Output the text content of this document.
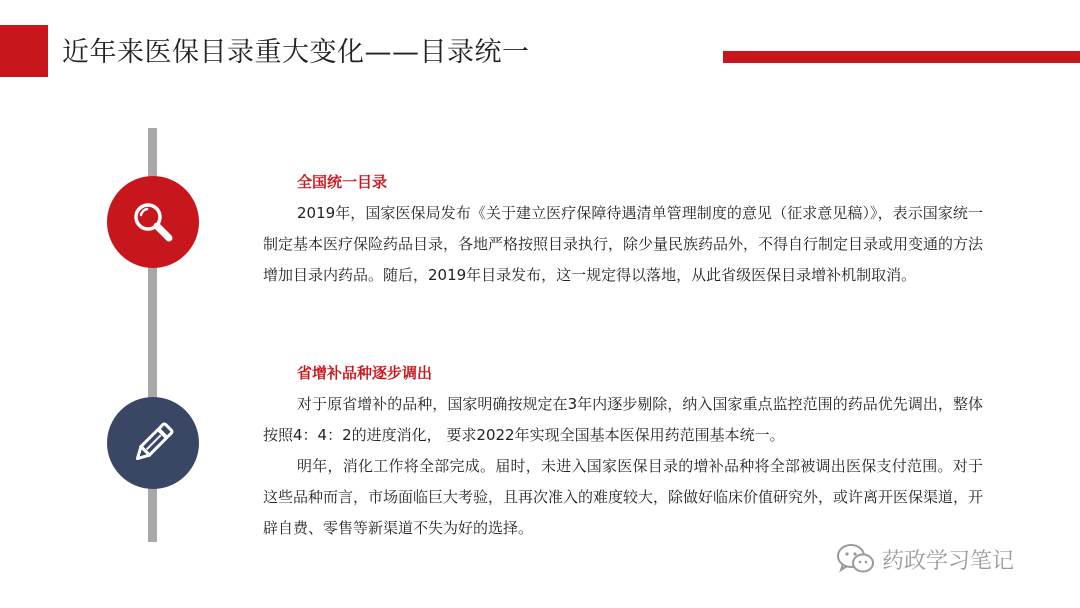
近年来医保目录重大变化——目录统一
全国统一目录

2019年，国家医保局发布《关于建立医疗保障待遇清单管理制度的意见（征求意见稿）》，表示国家统一制定基本医疗保险药品目录，各地严格按照目录执行，除少量民族药品外，不得自行制定目录或用变通的方法增加目录内药品。随后，2019年目录发布，这一规定得以落地，从此省级医保目录增补机制取消。

省增补品种逐步调出

对于原省增补的品种，国家明确按规定在3年内逐步剔除，纳入国家重点监控范围的药品优先调出，整体按照4：4：2的进度消化， 要求2022年实现全国基本医保用药范围基本统一。

明年，消化工作将全部完成。届时，未进入国家医保目录的增补品种将全部被调出医保支付范围。对于这些品种而言，市场面临巨大考验，且再次准入的难度较大，除做好临床价值研究外，或许离开医保渠道，开辟自费、零售等新渠道不失为好的选择。

药政学习笔记
